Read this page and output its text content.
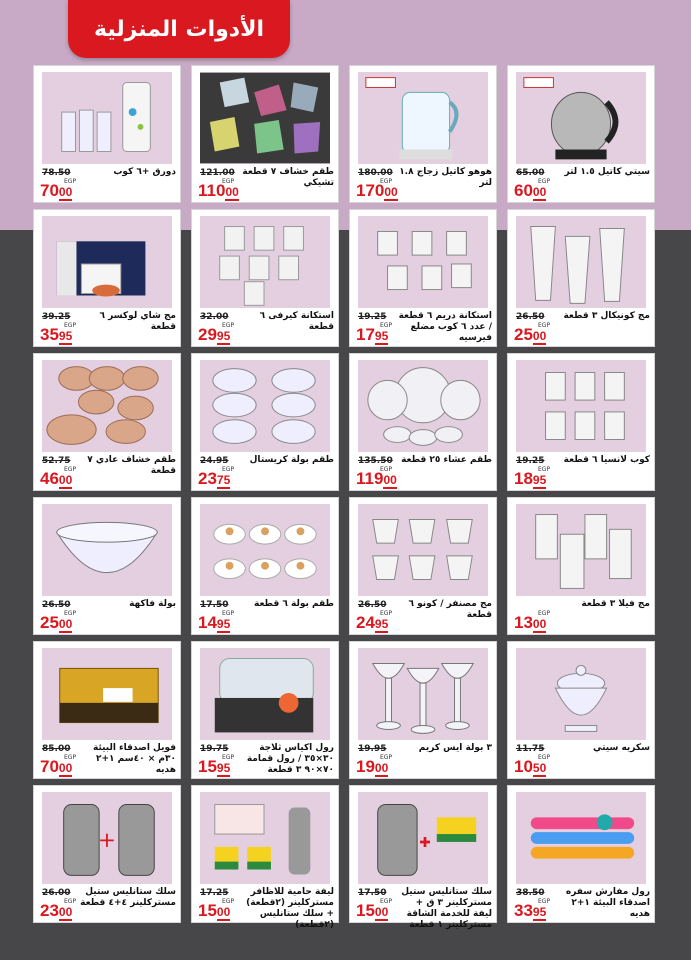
الأدوات المنزلية
دورق +٦ كوب
78.50
EGP
7000
طقم خشاف ٧ قطعة تشيكي
121.00
EGP
11000
هوهو كاتيل زجاج ١.٨ لتر
180.00
EGP
17000
سيتي كاتيل ١.٥ لتر
65.00
EGP
6000
مج شاي لوكسر ٦ قطعة
39.25
EGP
3595
استكانة كيرفى ٦ قطعة
32.00
EGP
2995
استكانة دريم ٦ قطعة / عدد ٦ كوب مضلع فيرسيه
19.25
EGP
1795
مج كونيكال ٣ قطعة
26.50
EGP
2500
طقم خشاف عادي ٧ قطعة
52.75
EGP
4600
طقم بولة كريستال
24.95
EGP
2375
طقم عشاء ٢٥ قطعة
135.50
EGP
11900
كوب لانسيا ٦ قطعة
19.25
EGP
1895
بولة فاكهة
26.50
EGP
2500
طقم بولة ٦ قطعة
17.50
EGP
1495
مج مصنفر / كونو ٦ قطعة
26.50
EGP
2495
مج فيلا ٣ قطعة
EGP
1300
فويل اصدقاء البيئة ٣٠م × ٤٠سم ١+٢ هديه
85.00
EGP
7000
رول اكياس ثلاجة ٣٠×٣٥ / رول قمامة ٧٠×٩٠ ٣ قطعة
19.75
EGP
1595
٣ بولة ايس كريم
19.95
EGP
1900
سكريه سيتي
11.75
EGP
1050
+
سلك ستانليس ستيل مستركلينر ٤+٤ قطعة
26.00
EGP
2300
ليفة حامية للاظافر مستركلينر (٢قطعة) + سلك ستانليس (٢قطعة)
17.25
EGP
1500
✚
سلك ستانليس ستيل مستركلينر ٣ ق + ليفة للخدمة الشاقة مستركلينر ١ قطعة
17.50
EGP
1500
رول مفارش سفره اصدقاء البيئة ١+٢ هديه
38.50
EGP
3395
